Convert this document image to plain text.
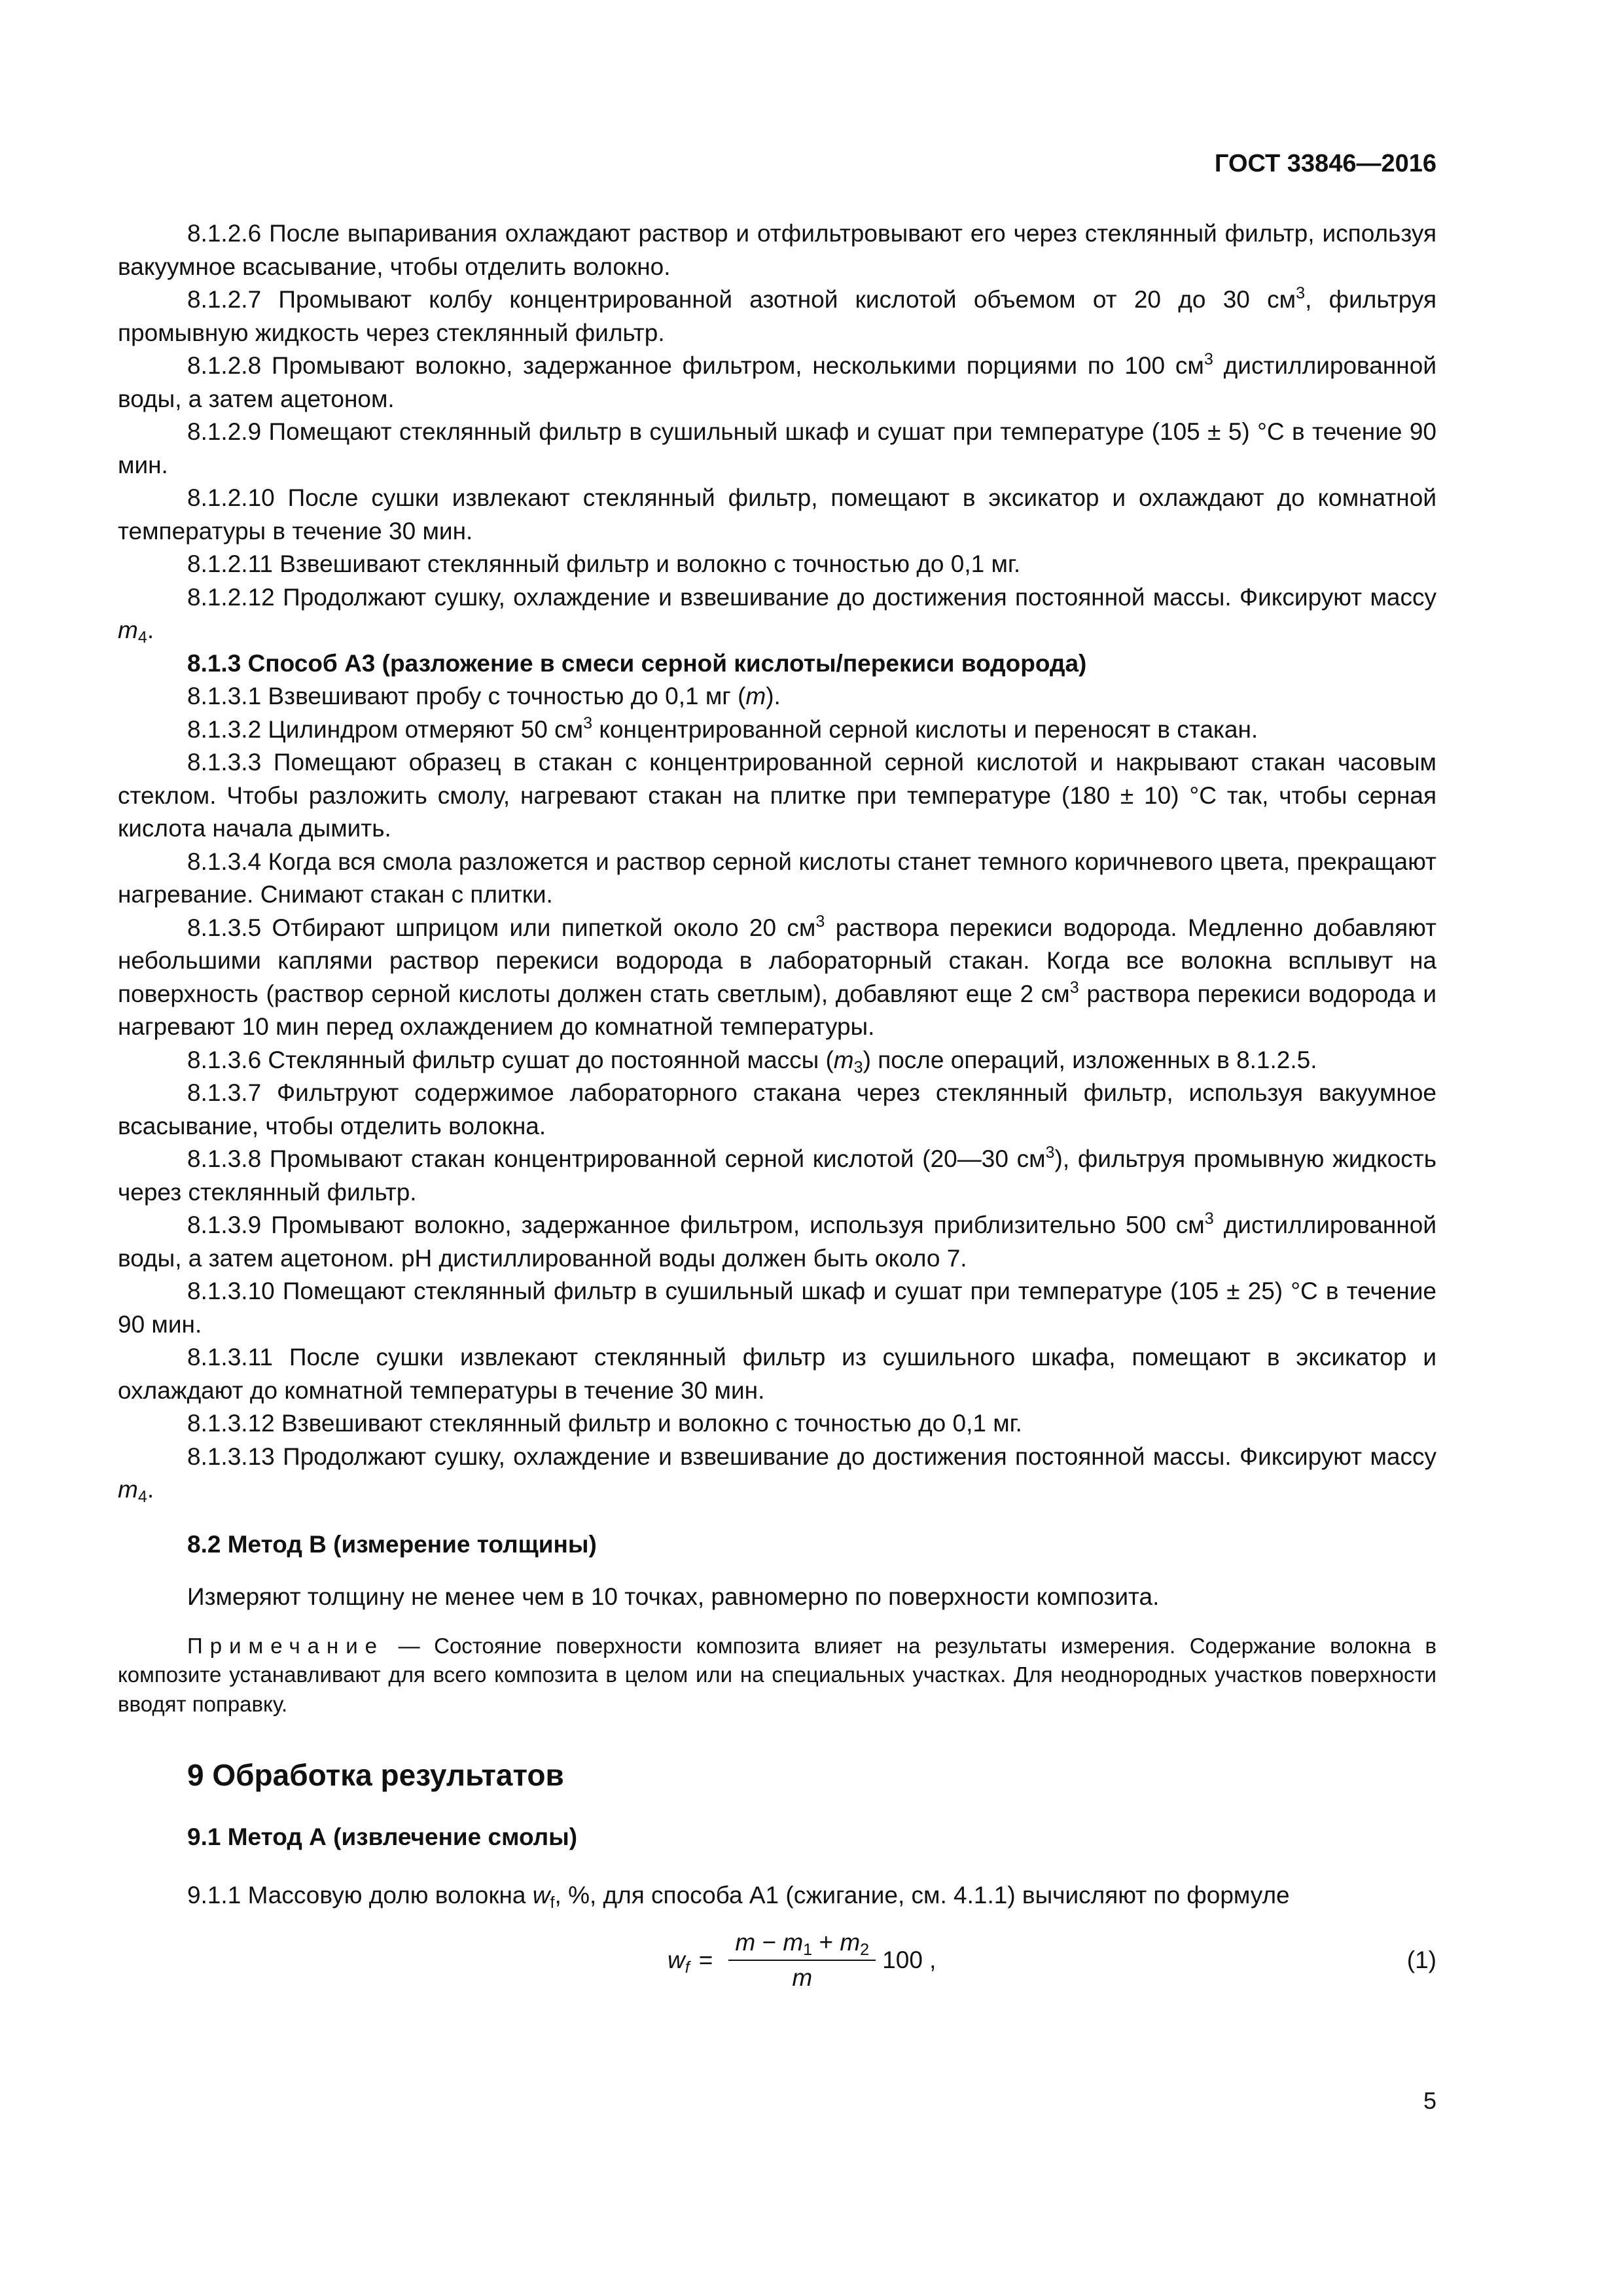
ГОСТ 33846—2016

8.1.2.6 После выпаривания охлаждают раствор и отфильтровывают его через стеклянный фильтр, используя вакуумное всасывание, чтобы отделить волокно.

8.1.2.7 Промывают колбу концентрированной азотной кислотой объемом от 20 до 30 $см^3$, фильтруя промывную жидкость через стеклянный фильтр.

8.1.2.8 Промывают волокно, задержанное фильтром, несколькими порциями по 100 $см^3$ дистиллированной воды, а затем ацетоном.

8.1.2.9 Помещают стеклянный фильтр в сушильный шкаф и сушат при температуре (105 ± 5) °С в течение 90 мин.

8.1.2.10 После сушки извлекают стеклянный фильтр, помещают в эксикатор и охлаждают до комнатной температуры в течение 30 мин.

8.1.2.11 Взвешивают стеклянный фильтр и волокно с точностью до 0,1 мг.

8.1.2.12 Продолжают сушку, охлаждение и взвешивание до достижения постоянной массы. Фиксируют массу $m_4$.

8.1.3 Способ А3 (разложение в смеси серной кислоты/перекиси водорода)

8.1.3.1 Взвешивают пробу с точностью до 0,1 мг (m).

8.1.3.2 Цилиндром отмеряют 50 $см^3$ концентрированной серной кислоты и переносят в стакан.

8.1.3.3 Помещают образец в стакан с концентрированной серной кислотой и накрывают стакан часовым стеклом. Чтобы разложить смолу, нагревают стакан на плитке при температуре (180 ± 10) °С так, чтобы серная кислота начала дымить.

8.1.3.4 Когда вся смола разложется и раствор серной кислоты станет темного коричневого цвета, прекращают нагревание. Снимают стакан с плитки.

8.1.3.5 Отбирают шприцом или пипеткой около 20 $см^3$ раствора перекиси водорода. Медленно добавляют небольшими каплями раствор перекиси водорода в лабораторный стакан. Когда все волокна всплывут на поверхность (раствор серной кислоты должен стать светлым), добавляют еще 2 $см^3$ раствора перекиси водорода и нагревают 10 мин перед охлаждением до комнатной температуры.

8.1.3.6 Стеклянный фильтр сушат до постоянной массы $(m_3)$ после операций, изложенных в 8.1.2.5.

8.1.3.7 Фильтруют содержимое лабораторного стакана через стеклянный фильтр, используя вакуумное всасывание, чтобы отделить волокна.

8.1.3.8 Промывают стакан концентрированной серной кислотой (20—30 $см^3$), фильтруя промывную жидкость через стеклянный фильтр.

8.1.3.9 Промывают волокно, задержанное фильтром, используя приблизительно 500 $см^3$ дистиллированной воды, а затем ацетоном. pH дистиллированной воды должен быть около 7.

8.1.3.10 Помещают стеклянный фильтр в сушильный шкаф и сушат при температуре (105 ± 25) °С в течение 90 мин.

8.1.3.11 После сушки извлекают стеклянный фильтр из сушильного шкафа, помещают в эксикатор и охлаждают до комнатной температуры в течение 30 мин.

8.1.3.12 Взвешивают стеклянный фильтр и волокно с точностью до 0,1 мг.

8.1.3.13 Продолжают сушку, охлаждение и взвешивание до достижения постоянной массы. Фиксируют массу $m_4$.

8.2 Метод В (измерение толщины)

Измеряют толщину не менее чем в 10 точках, равномерно по поверхности композита.

Примечание — Состояние поверхности композита влияет на результаты измерения. Содержание волокна в композите устанавливают для всего композита в целом или на специальных участках. Для неоднородных участков поверхности вводят поправку.

9 Обработка результатов

9.1 Метод А (извлечение смолы)

9.1.1 Массовую долю волокна $w_f$, %, для способа А1 (сжигание, см. 4.1.1) вычисляют по формуле

$w_f = \frac{m - m_1 + m_2}{m} 100$ ,	(1)
5
